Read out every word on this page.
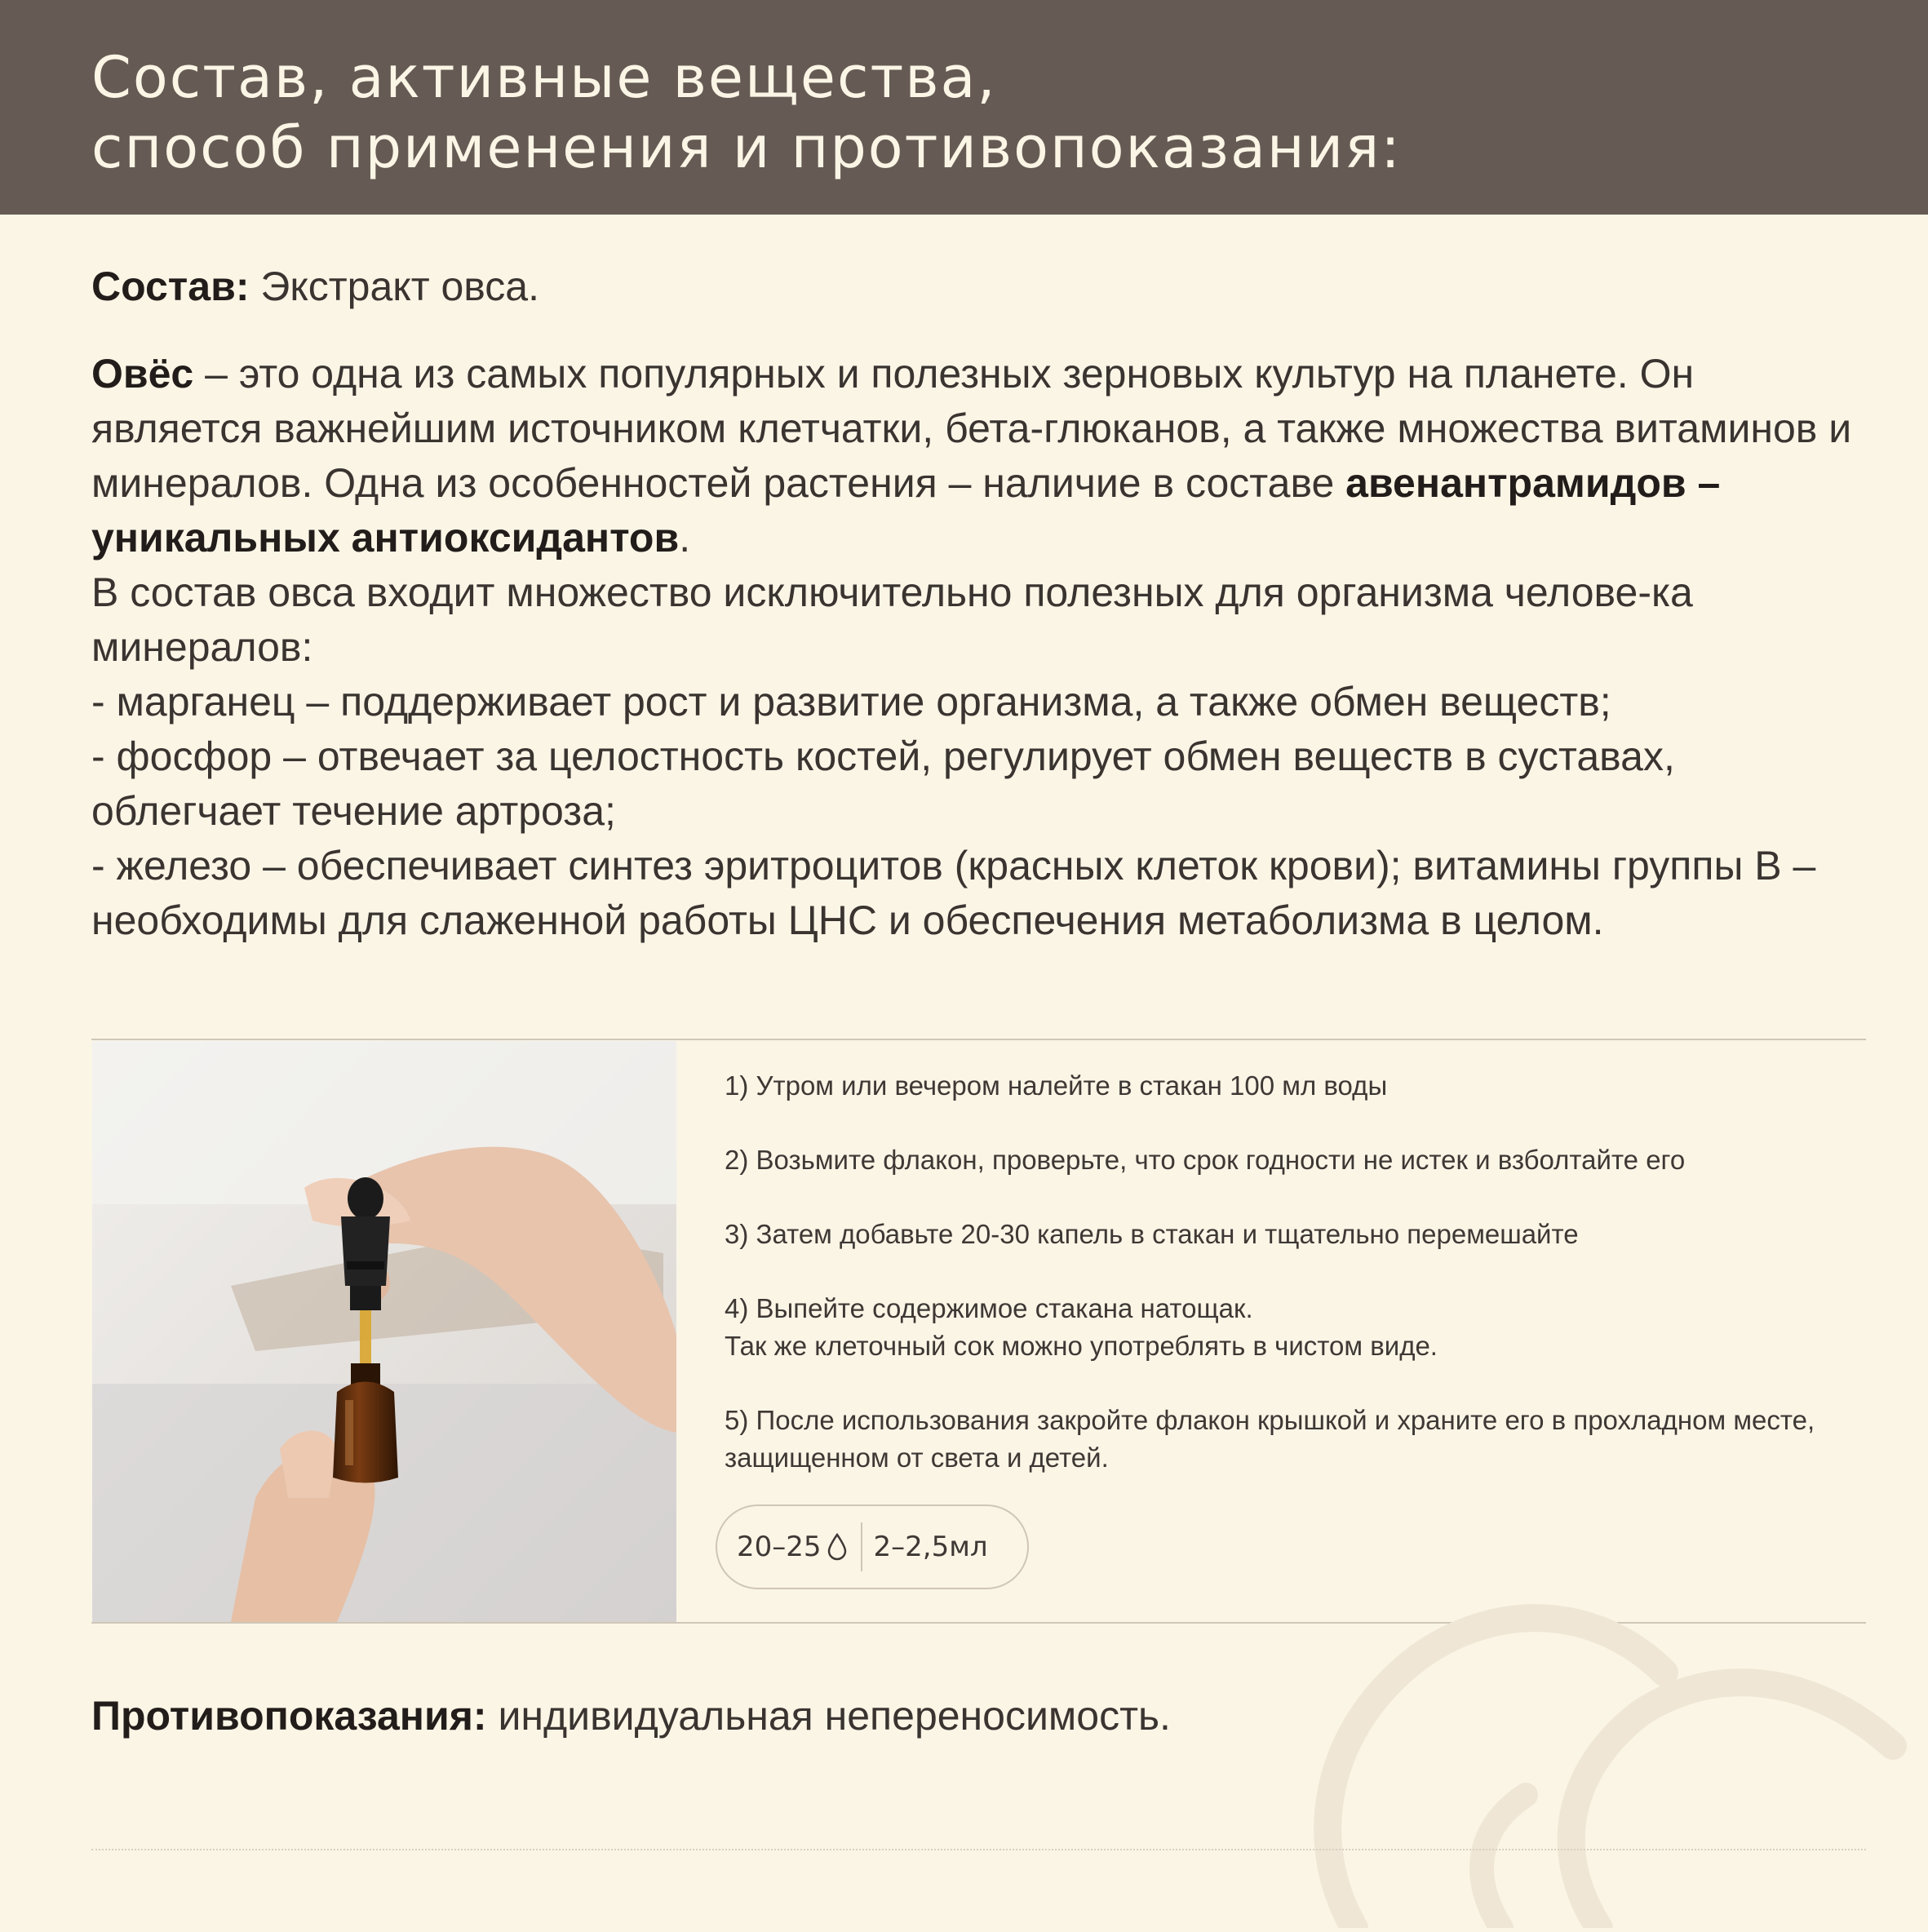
Состав, активные вещества,
способ применения и противопоказания:
Состав: Экстракт овса.

Овёс – это одна из самых популярных и полезных зерновых культур на планете. Он является важнейшим источником клетчатки, бета-глюканов, а также множества витаминов и минералов. Одна из особенностей растения – наличие в составе авенантрамидов – уникальных антиоксидантов.

В состав овса входит множество исключительно полезных для организма челове-ка минералов:

- марганец – поддерживает рост и развитие организма, а также обмен веществ;

- фосфор – отвечает за целостность костей, регулирует обмен веществ в суставах, облегчает течение артроза;

- железо – обеспечивает синтез эритроцитов (красных клеток крови); витамины группы B – необходимы для слаженной работы ЦНС и обеспечения метаболизма в целом.

1) Утром или вечером налейте в стакан 100 мл воды

2) Возьмите флакон, проверьте, что срок годности не истек и взболтайте его

3) Затем добавьте 20-30 капель в стакан и тщательно перемешайте

4) Выпейте содержимое стакана натощак.
Так же клеточный сок можно употреблять в чистом виде.

5) После использования закройте флакон крышкой и храните его в прохладном месте, защищенном от света и детей.

20–25 2–2,5мл
Противопоказания: индивидуальная непереносимость.
